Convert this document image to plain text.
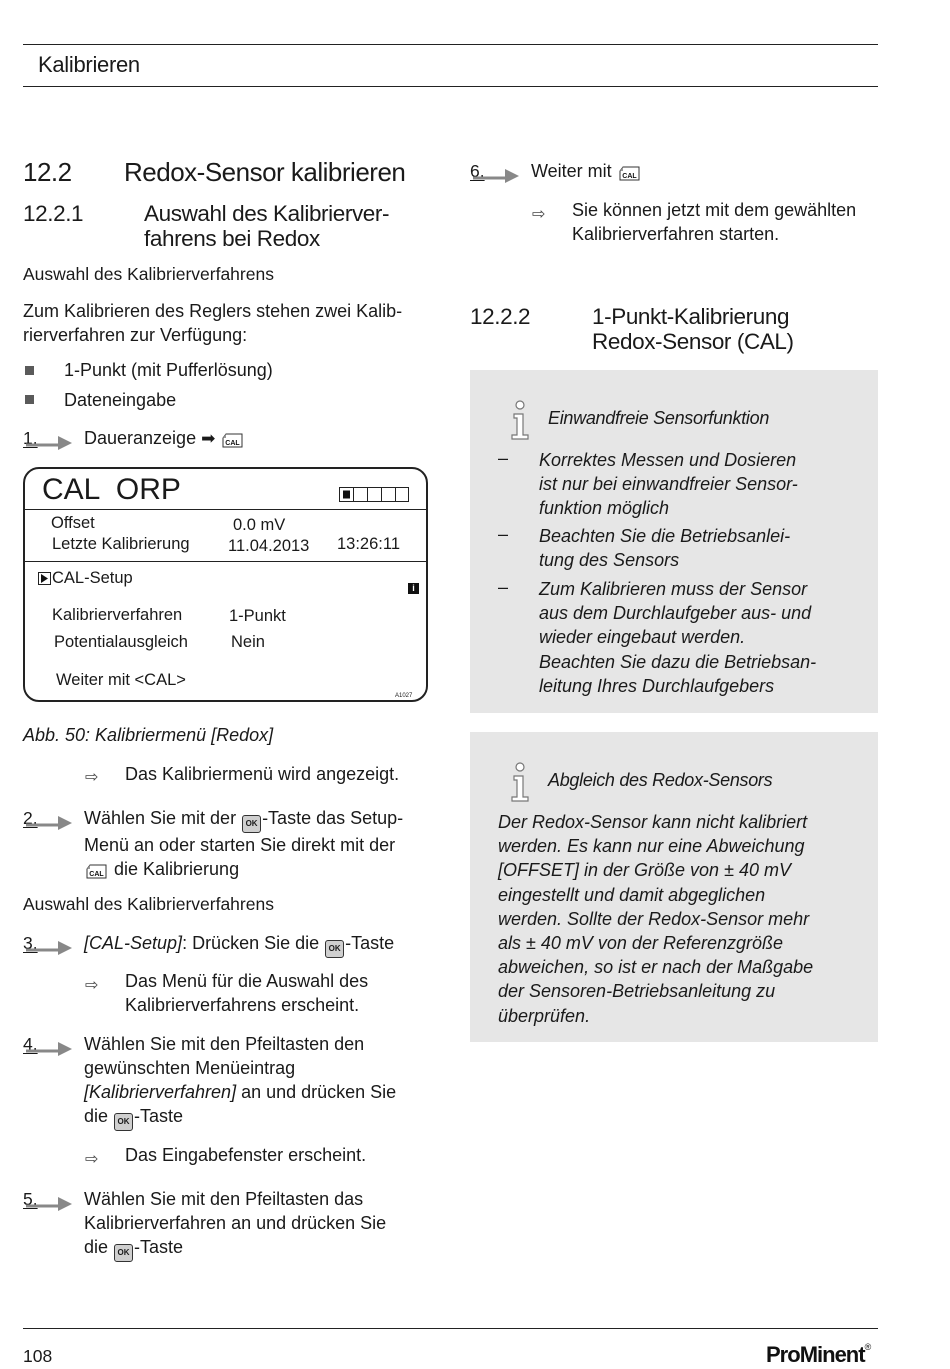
Kalibrieren
12.2 Redox-Sensor kalibrieren
12.2.1	Auswahl des Kalibrierver-
fahrens bei Redox
Auswahl des Kalibrierverfahrens
Zum Kalibrieren des Reglers stehen zwei Kalib-
rierverfahren zur Verfügung:
1-Punkt (mit Pufferlösung)
Dateneingabe
1.	Daueranzeige ➡ CAL
CAL  ORP
Offset	0.0 mV
Letzte Kalibrierung 11.04.2013 13:26:11
CAL-Setup
i
Kalibrierverfahren	1-Punkt
Potentialausgleich	Nein
Weiter mit <CAL>
A1027
Abb. 50: Kalibriermenü [Redox]
⇨ Das Kalibriermenü wird angezeigt.
2.	Wählen Sie mit der OK -Taste das Setup-
Menü an oder starten Sie direkt mit der
CAL die Kalibrierung
Auswahl des Kalibrierverfahrens
3.	[CAL-Setup]: Drücken Sie die OK -Taste
⇨ Das Menü für die Auswahl des
Kalibrierverfahrens erscheint.
4.	Wählen Sie mit den Pfeiltasten den
gewünschten Menüeintrag
[Kalibrierverfahren] an und drücken Sie
die OK -Taste
⇨ Das Eingabefenster erscheint.
5.	Wählen Sie mit den Pfeiltasten das
Kalibrierverfahren an und drücken Sie
die OK -Taste
6.	Weiter mit CAL
⇨ Sie können jetzt mit dem gewählten
Kalibrierverfahren starten.
12.2.2	1-Punkt-Kalibrierung
Redox-Sensor (CAL)
Einwandfreie Sensorfunktion
– Korrektes Messen und Dosieren
ist nur bei einwandfreier Sensor-
funktion möglich
– Beachten Sie die Betriebsanlei-
tung des Sensors
– Zum Kalibrieren muss der Sensor
aus dem Durchlaufgeber aus- und
wieder eingebaut werden.
Beachten Sie dazu die Betriebsan-
leitung Ihres Durchlaufgebers
Abgleich des Redox-Sensors
Der Redox-Sensor kann nicht kalibriert
werden. Es kann nur eine Abweichung
[OFFSET] in der Größe von ± 40 mV
eingestellt und damit abgeglichen
werden. Sollte der Redox-Sensor mehr
als ± 40 mV von der Referenzgröße
abweichen, so ist er nach der Maßgabe
der Sensoren-Betriebsanleitung zu
überprüfen.
108	ProMinent®
